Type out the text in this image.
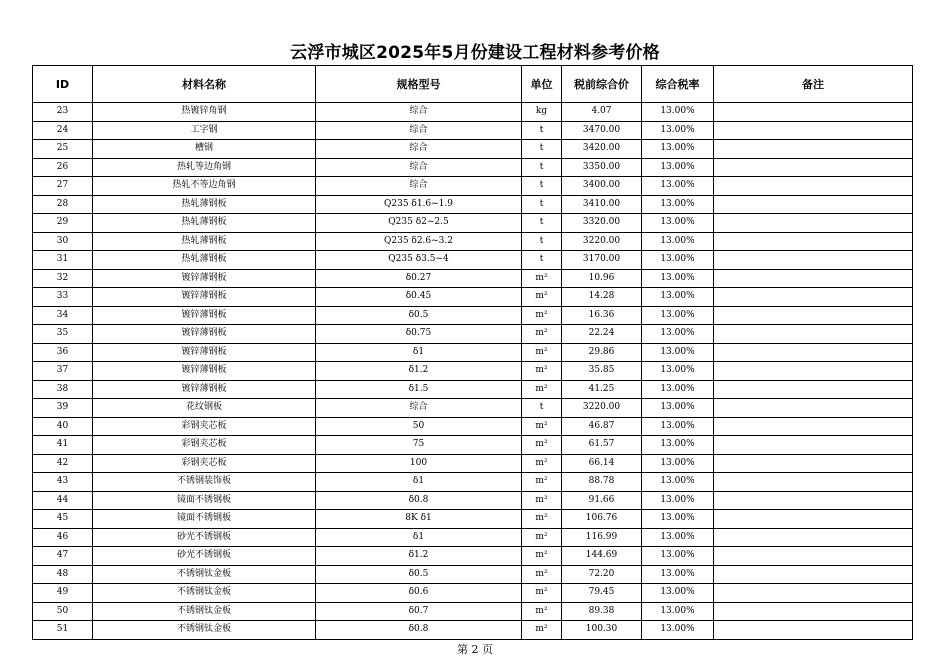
云浮市城区2025年5月份建设工程材料参考价格
ID	材料名称	规格型号	单位	税前综合价	综合税率	备注
23	热镀锌角钢	综合	kg	4.07	13.00%	
24	工字钢	综合	t	3470.00	13.00%	
25	槽钢	综合	t	3420.00	13.00%	
26	热轧等边角钢	综合	t	3350.00	13.00%	
27	热轧不等边角钢	综合	t	3400.00	13.00%	
28	热轧薄钢板	Q235 δ1.6~1.9	t	3410.00	13.00%	
29	热轧薄钢板	Q235 δ2~2.5	t	3320.00	13.00%	
30	热轧薄钢板	Q235 δ2.6~3.2	t	3220.00	13.00%	
31	热轧薄钢板	Q235 δ3.5~4	t	3170.00	13.00%	
32	镀锌薄钢板	δ0.27	m²	10.96	13.00%	
33	镀锌薄钢板	δ0.45	m²	14.28	13.00%	
34	镀锌薄钢板	δ0.5	m²	16.36	13.00%	
35	镀锌薄钢板	δ0.75	m²	22.24	13.00%	
36	镀锌薄钢板	δ1	m²	29.86	13.00%	
37	镀锌薄钢板	δ1.2	m²	35.85	13.00%	
38	镀锌薄钢板	δ1.5	m²	41.25	13.00%	
39	花纹钢板	综合	t	3220.00	13.00%	
40	彩钢夹芯板	50	m²	46.87	13.00%	
41	彩钢夹芯板	75	m²	61.57	13.00%	
42	彩钢夹芯板	100	m²	66.14	13.00%	
43	不锈钢装饰板	δ1	m²	88.78	13.00%	
44	镜面不锈钢板	δ0.8	m²	91.66	13.00%	
45	镜面不锈钢板	8K δ1	m²	106.76	13.00%	
46	砂光不锈钢板	δ1	m²	116.99	13.00%	
47	砂光不锈钢板	δ1.2	m²	144.69	13.00%	
48	不锈钢钛金板	δ0.5	m²	72.20	13.00%	
49	不锈钢钛金板	δ0.6	m²	79.45	13.00%	
50	不锈钢钛金板	δ0.7	m²	89.38	13.00%	
51	不锈钢钛金板	δ0.8	m²	100.30	13.00%	
第 2 页
